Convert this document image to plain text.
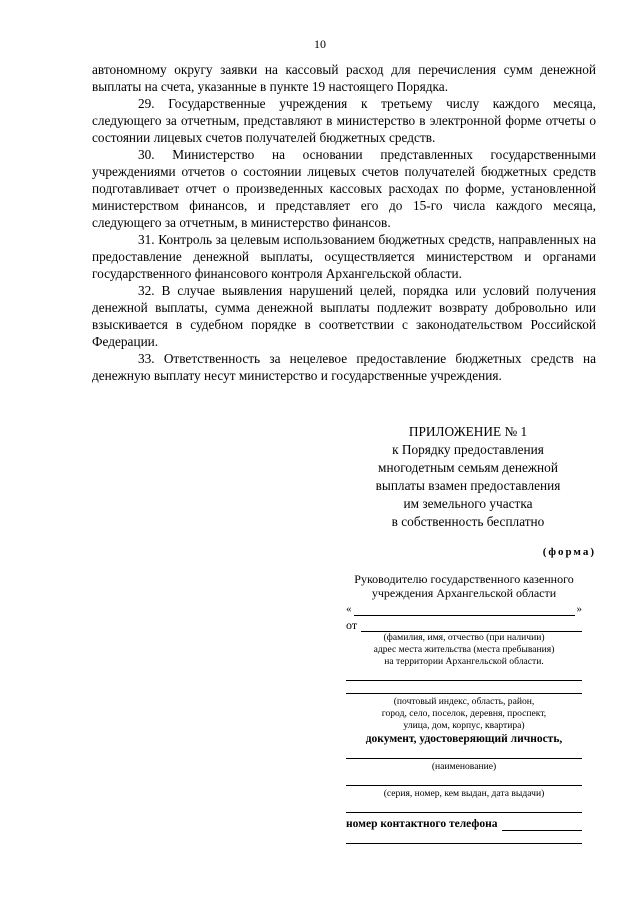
10

автономному округу заявки на кассовый расход для перечисления сумм денежной выплаты на счета, указанные в пункте 19 настоящего Порядка.

29. Государственные учреждения к третьему числу каждого месяца, следующего за отчетным, представляют в министерство в электронной форме отчеты о состоянии лицевых счетов получателей бюджетных средств.

30. Министерство на основании представленных государственными учреждениями отчетов о состоянии лицевых счетов получателей бюджетных средств подготавливает отчет о произведенных кассовых расходах по форме, установленной министерством финансов, и представляет его до 15-го числа каждого месяца, следующего за отчетным, в министерство финансов.

31. Контроль за целевым использованием бюджетных средств, направленных на предоставление денежной выплаты, осуществляется министерством и органами государственного финансового контроля Архангельской области.

32. В случае выявления нарушений целей, порядка или условий получения денежной выплаты, сумма денежной выплаты подлежит возврату добровольно или взыскивается в судебном порядке в соответствии с законодательством Российской Федерации.

33. Ответственность за нецелевое предоставление бюджетных средств на денежную выплату несут министерство и государственные учреждения.

ПРИЛОЖЕНИЕ № 1
к Порядку предоставления
многодетным семьям денежной
выплаты взамен предоставления
им земельного участка
в собственность бесплатно
(форма)
Руководителю государственного казенного
учреждения Архангельской области
«	»
от
(фамилия, имя, отчество (при наличии)
адрес места жительства (места пребывания)
на территории Архангельской области.
(почтовый индекс, область, район,
город, село, поселок, деревня, проспект,
улица, дом, корпус, квартира)
документ, удостоверяющий личность,
(наименование)
(серия, номер, кем выдан, дата выдачи)
номер контактного телефона
